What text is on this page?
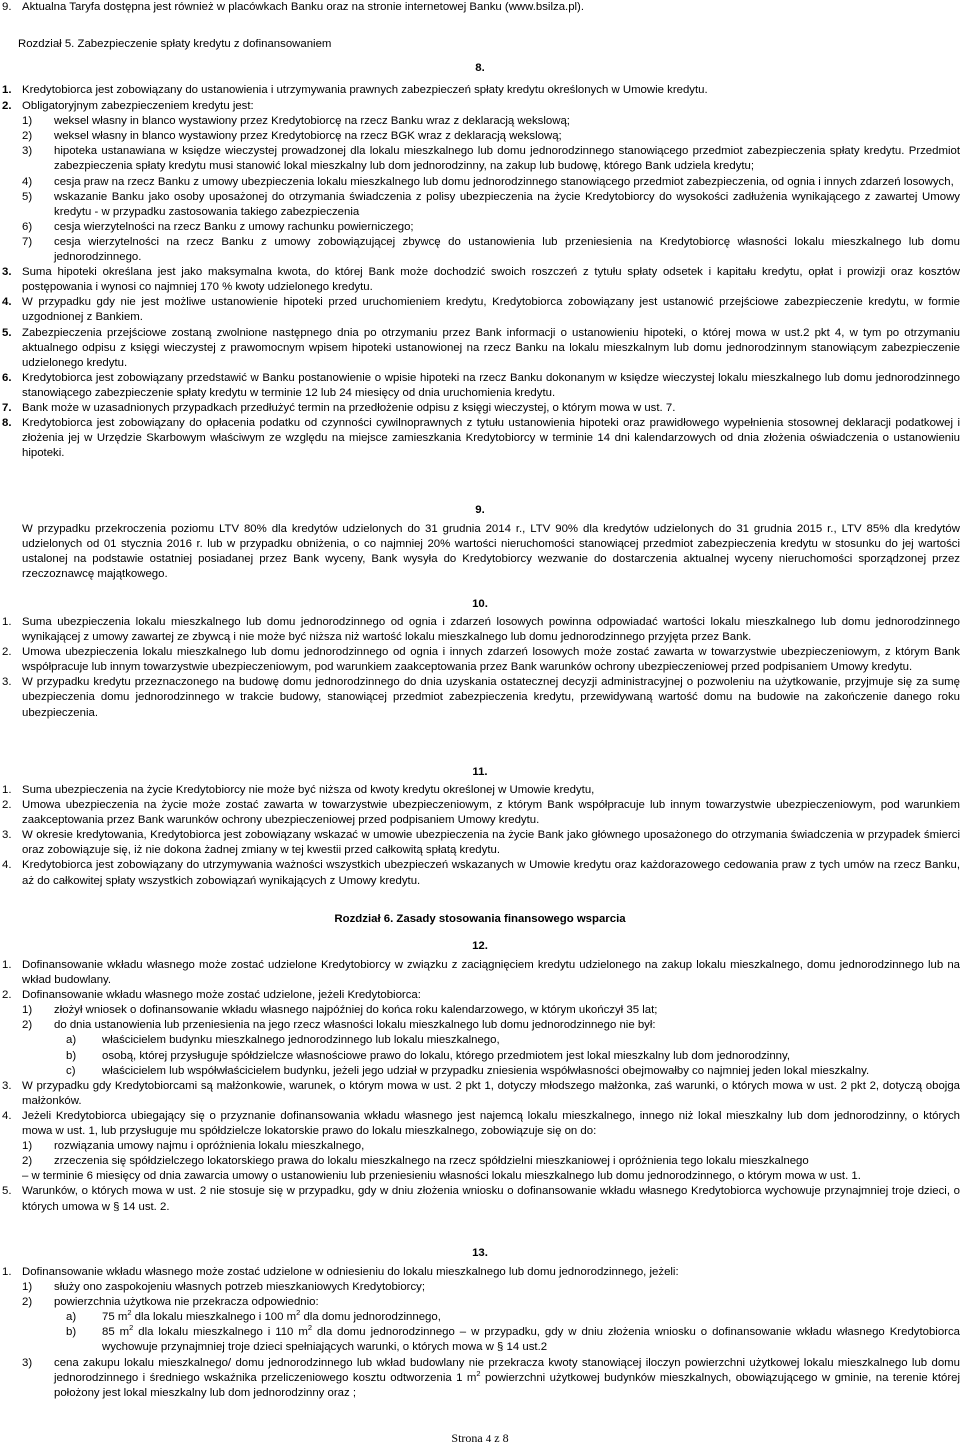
9. Aktualna Taryfa dostępna jest również w placówkach Banku oraz na stronie internetowej Banku (www.bsilza.pl).
Rozdział 5. Zabezpieczenie spłaty kredytu z dofinansowaniem
8.
1. Kredytobiorca jest zobowiązany do ustanowienia i utrzymywania prawnych zabezpieczeń spłaty kredytu określonych w Umowie kredytu.
2. Obligatoryjnym zabezpieczeniem kredytu jest:
1) weksel własny in blanco wystawiony przez Kredytobiorcę na rzecz Banku wraz z deklaracją wekslową;
2) weksel własny in blanco wystawiony przez Kredytobiorcę na rzecz BGK wraz z deklaracją wekslową;
3) hipoteka ustanawiana w księdze wieczystej prowadzonej dla lokalu mieszkalnego lub domu jednorodzinnego stanowiącego przedmiot zabezpieczenia spłaty kredytu. Przedmiot zabezpieczenia spłaty kredytu musi stanowić lokal mieszkalny lub dom jednorodzinny, na zakup lub budowę, którego Bank udziela kredytu;
4) cesja praw na rzecz Banku z umowy ubezpieczenia lokalu mieszkalnego lub domu jednorodzinnego stanowiącego przedmiot zabezpieczenia, od ognia i innych zdarzeń losowych,
5) wskazanie Banku jako osoby uposażonej do otrzymania świadczenia z polisy ubezpieczenia na życie Kredytobiorcy do wysokości zadłużenia wynikającego z zawartej Umowy kredytu - w przypadku zastosowania takiego zabezpieczenia
6) cesja wierzytelności na rzecz Banku z umowy rachunku powierniczego;
7) cesja wierzytelności na rzecz Banku z umowy zobowiązującej zbywcę do ustanowienia lub przeniesienia na Kredytobiorcę własności lokalu mieszkalnego lub domu jednorodzinnego.
3. Suma hipoteki określana jest jako maksymalna kwota, do której Bank może dochodzić swoich roszczeń z tytułu spłaty odsetek i kapitału kredytu, opłat i prowizji oraz kosztów postępowania i wynosi co najmniej 170 % kwoty udzielonego kredytu.
4. W przypadku gdy nie jest możliwe ustanowienie hipoteki przed uruchomieniem kredytu, Kredytobiorca zobowiązany jest ustanowić przejściowe zabezpieczenie kredytu, w formie uzgodnionej z Bankiem.
5. Zabezpieczenia przejściowe zostaną zwolnione następnego dnia po otrzymaniu przez Bank informacji o ustanowieniu hipoteki, o której mowa w ust.2 pkt 4, w tym po otrzymaniu aktualnego odpisu z księgi wieczystej z prawomocnym wpisem hipoteki ustanowionej na rzecz Banku na lokalu mieszkalnym lub domu jednorodzinnym stanowiącym zabezpieczenie udzielonego kredytu.
6. Kredytobiorca jest zobowiązany przedstawić w Banku postanowienie o wpisie hipoteki na rzecz Banku dokonanym w księdze wieczystej lokalu mieszkalnego lub domu jednorodzinnego stanowiącego zabezpieczenie spłaty kredytu w terminie 12 lub 24 miesięcy od dnia uruchomienia kredytu.
7. Bank może w uzasadnionych przypadkach przedłużyć termin na przedłożenie odpisu z księgi wieczystej, o którym mowa w ust. 7.
8. Kredytobiorca jest zobowiązany do opłacenia podatku od czynności cywilnoprawnych z tytułu ustanowienia hipoteki oraz prawidłowego wypełnienia stosownej deklaracji podatkowej i złożenia jej w Urzędzie Skarbowym właściwym ze względu na miejsce zamieszkania Kredytobiorcy w terminie 14 dni kalendarzowych od dnia złożenia oświadczenia o ustanowieniu hipoteki.
9.
W przypadku przekroczenia poziomu LTV 80% dla kredytów udzielonych do 31 grudnia 2014 r., LTV 90% dla kredytów udzielonych do 31 grudnia 2015 r., LTV 85% dla kredytów udzielonych od 01 stycznia 2016 r. lub w przypadku obniżenia, o co najmniej 20% wartości nieruchomości stanowiącej przedmiot zabezpieczenia kredytu w stosunku do jej wartości ustalonej na podstawie ostatniej posiadanej przez Bank wyceny, Bank wysyła do Kredytobiorcy wezwanie do dostarczenia aktualnej wyceny nieruchomości sporządzonej przez rzeczoznawcę majątkowego.
10.
1. Suma ubezpieczenia lokalu mieszkalnego lub domu jednorodzinnego od ognia i zdarzeń losowych powinna odpowiadać wartości lokalu mieszkalnego lub domu jednorodzinnego wynikającej z umowy zawartej ze zbywcą i nie może być niższa niż wartość lokalu mieszkalnego lub domu jednorodzinnego przyjęta przez Bank.
2. Umowa ubezpieczenia lokalu mieszkalnego lub domu jednorodzinnego od ognia i innych zdarzeń losowych może zostać zawarta w towarzystwie ubezpieczeniowym, z którym Bank współpracuje lub innym towarzystwie ubezpieczeniowym, pod warunkiem zaakceptowania przez Bank warunków ochrony ubezpieczeniowej przed podpisaniem Umowy kredytu.
3. W przypadku kredytu przeznaczonego na budowę domu jednorodzinnego do dnia uzyskania ostatecznej decyzji administracyjnej o pozwoleniu na użytkowanie, przyjmuje się za sumę ubezpieczenia domu jednorodzinnego w trakcie budowy, stanowiącej przedmiot zabezpieczenia kredytu, przewidywaną wartość domu na budowie na zakończenie danego roku ubezpieczenia.
11.
1. Suma ubezpieczenia na życie Kredytobiorcy nie może być niższa od kwoty kredytu określonej w Umowie kredytu,
2. Umowa ubezpieczenia na życie może zostać zawarta w towarzystwie ubezpieczeniowym, z którym Bank współpracuje lub innym towarzystwie ubezpieczeniowym, pod warunkiem zaakceptowania przez Bank warunków ochrony ubezpieczeniowej przed podpisaniem Umowy kredytu.
3. W okresie kredytowania, Kredytobiorca jest zobowiązany wskazać w umowie ubezpieczenia na życie Bank jako głównego uposażonego do otrzymania świadczenia w przypadek śmierci oraz zobowiązuje się, iż nie dokona żadnej zmiany w tej kwestii przed całkowitą spłatą kredytu.
4. Kredytobiorca jest zobowiązany do utrzymywania ważności wszystkich ubezpieczeń wskazanych w Umowie kredytu oraz każdorazowego cedowania praw z tych umów na rzecz Banku, aż do całkowitej spłaty wszystkich zobowiązań wynikających z Umowy kredytu.
Rozdział 6. Zasady stosowania finansowego wsparcia
12.
1. Dofinansowanie wkładu własnego może zostać udzielone Kredytobiorcy w związku z zaciągnięciem kredytu udzielonego na zakup lokalu mieszkalnego, domu jednorodzinnego lub na wkład budowlany.
2. Dofinansowanie wkładu własnego może zostać udzielone, jeżeli Kredytobiorca:
1) złożył wniosek o dofinansowanie wkładu własnego najpóźniej do końca roku kalendarzowego, w którym ukończył 35 lat;
2) do dnia ustanowienia lub przeniesienia na jego rzecz własności lokalu mieszkalnego lub domu jednorodzinnego nie był:
a) właścicielem budynku mieszkalnego jednorodzinnego lub lokalu mieszkalnego,
b) osobą, której przysługuje spółdzielcze własnościowe prawo do lokalu, którego przedmiotem jest lokal mieszkalny lub dom jednorodzinny,
c) właścicielem lub współwłaścicielem budynku, jeżeli jego udział w przypadku zniesienia współwłasności obejmowałby co najmniej jeden lokal mieszkalny.
3. W przypadku gdy Kredytobiorcami są małżonkowie, warunek, o którym mowa w ust. 2 pkt 1, dotyczy młodszego małżonka, zaś warunki, o których mowa w ust. 2 pkt 2, dotyczą obojga małżonków.
4. Jeżeli Kredytobiorca ubiegający się o przyznanie dofinansowania wkładu własnego jest najemcą lokalu mieszkalnego, innego niż lokal mieszkalny lub dom jednorodzinny, o których mowa w ust. 1, lub przysługuje mu spółdzielcze lokatorskie prawo do lokalu mieszkalnego, zobowiązuje się on do:
1) rozwiązania umowy najmu i opróżnienia lokalu mieszkalnego,
2) zrzeczenia się spółdzielczego lokatorskiego prawa do lokalu mieszkalnego na rzecz spółdzielni mieszkaniowej i opróżnienia tego lokalu mieszkalnego
– w terminie 6 miesięcy od dnia zawarcia umowy o ustanowieniu lub przeniesieniu własności lokalu mieszkalnego lub domu jednorodzinnego, o którym mowa w ust. 1.
5. Warunków, o których mowa w ust. 2 nie stosuje się w przypadku, gdy w dniu złożenia wniosku o dofinansowanie wkładu własnego Kredytobiorca wychowuje przynajmniej troje dzieci, o których umowa w § 14 ust. 2.
13.
1. Dofinansowanie wkładu własnego może zostać udzielone w odniesieniu do lokalu mieszkalnego lub domu jednorodzinnego, jeżeli:
1) służy ono zaspokojeniu własnych potrzeb mieszkaniowych Kredytobiorcy;
2) powierzchnia użytkowa nie przekracza odpowiednio:
a) 75 $m^2$ dla lokalu mieszkalnego i 100 $m^2$ dla domu jednorodzinnego,
b) 85 $m^2$ dla lokalu mieszkalnego i 110 $m^2$ dla domu jednorodzinnego – w przypadku, gdy w dniu złożenia wniosku o dofinansowanie wkładu własnego Kredytobiorca wychowuje przynajmniej troje dzieci spełniających warunki, o których mowa w § 14 ust.2
3) cena zakupu lokalu mieszkalnego/ domu jednorodzinnego lub wkład budowlany nie przekracza kwoty stanowiącej iloczyn powierzchni użytkowej lokalu mieszkalnego lub domu jednorodzinnego i średniego wskaźnika przeliczeniowego kosztu odtworzenia 1 $m^2$ powierzchni użytkowej budynków mieszkalnych, obowiązującego w gminie, na terenie której położony jest lokal mieszkalny lub dom jednorodzinny oraz ;
Strona 4 z 8
